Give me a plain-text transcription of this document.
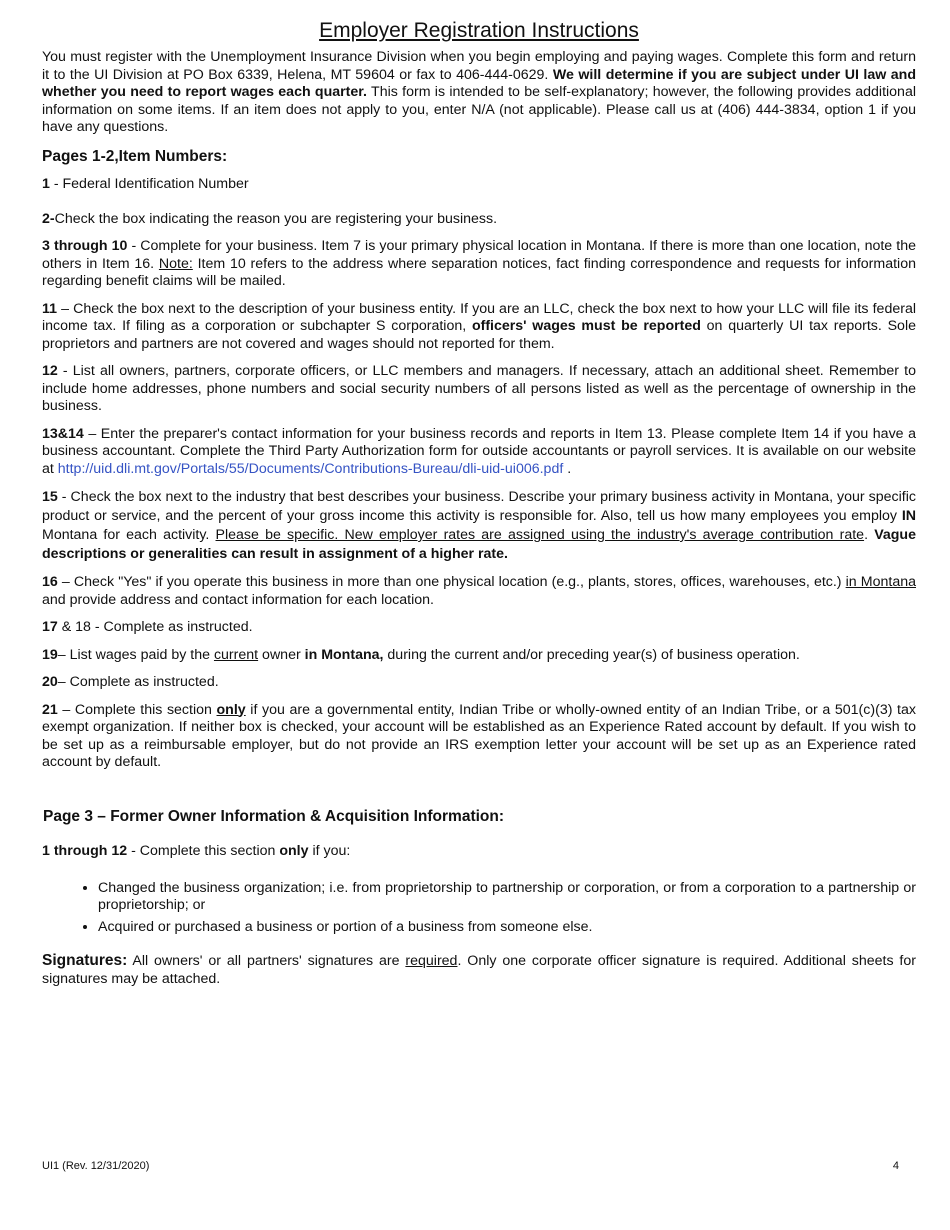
Employer Registration Instructions

You must register with the Unemployment Insurance Division when you begin employing and paying wages. Complete this form and return it to the UI Division at PO Box 6339, Helena, MT 59604 or fax to 406-444-0629. We will determine if you are subject under UI law and whether you need to report wages each quarter. This form is intended to be self-explanatory; however, the following provides additional information on some items. If an item does not apply to you, enter N/A (not applicable). Please call us at (406) 444-3834, option 1 if you have any questions.

Pages 1-2,Item Numbers:

1 - Federal Identification Number

2-Check the box indicating the reason you are registering your business.

3 through 10 - Complete for your business. Item 7 is your primary physical location in Montana. If there is more than one location, note the others in Item 16. Note: Item 10 refers to the address where separation notices, fact finding correspondence and requests for information regarding benefit claims will be mailed.

11 – Check the box next to the description of your business entity. If you are an LLC, check the box next to how your LLC will file its federal income tax. If filing as a corporation or subchapter S corporation, officers' wages must be reported on quarterly UI tax reports. Sole proprietors and partners are not covered and wages should not reported for them.

12 - List all owners, partners, corporate officers, or LLC members and managers. If necessary, attach an additional sheet. Remember to include home addresses, phone numbers and social security numbers of all persons listed as well as the percentage of ownership in the business.

13&14 – Enter the preparer's contact information for your business records and reports in Item 13. Please complete Item 14 if you have a business accountant. Complete the Third Party Authorization form for outside accountants or payroll services. It is available on our website at http://uid.dli.mt.gov/Portals/55/Documents/Contributions-Bureau/dli-uid-ui006.pdf .

15 - Check the box next to the industry that best describes your business. Describe your primary business activity in Montana, your specific product or service, and the percent of your gross income this activity is responsible for. Also, tell us how many employees you employ IN Montana for each activity. Please be specific. New employer rates are assigned using the industry's average contribution rate. Vague descriptions or generalities can result in assignment of a higher rate.

16 – Check "Yes" if you operate this business in more than one physical location (e.g., plants, stores, offices, warehouses, etc.) in Montana and provide address and contact information for each location.

17 & 18 - Complete as instructed.

19– List wages paid by the current owner in Montana, during the current and/or preceding year(s) of business operation.

20– Complete as instructed.

21 – Complete this section only if you are a governmental entity, Indian Tribe or wholly-owned entity of an Indian Tribe, or a 501(c)(3) tax exempt organization. If neither box is checked, your account will be established as an Experience Rated account by default. If you wish to be set up as a reimbursable employer, but do not provide an IRS exemption letter your account will be set up as an Experience rated account by default.

Page 3 – Former Owner Information & Acquisition Information:

1 through 12 - Complete this section only if you:

• Changed the business organization; i.e. from proprietorship to partnership or corporation, or from a corporation to a partnership or proprietorship; or
• Acquired or purchased a business or portion of a business from someone else.

Signatures: All owners' or all partners' signatures are required. Only one corporate officer signature is required. Additional sheets for signatures may be attached.

UI1 (Rev. 12/31/2020)	4
